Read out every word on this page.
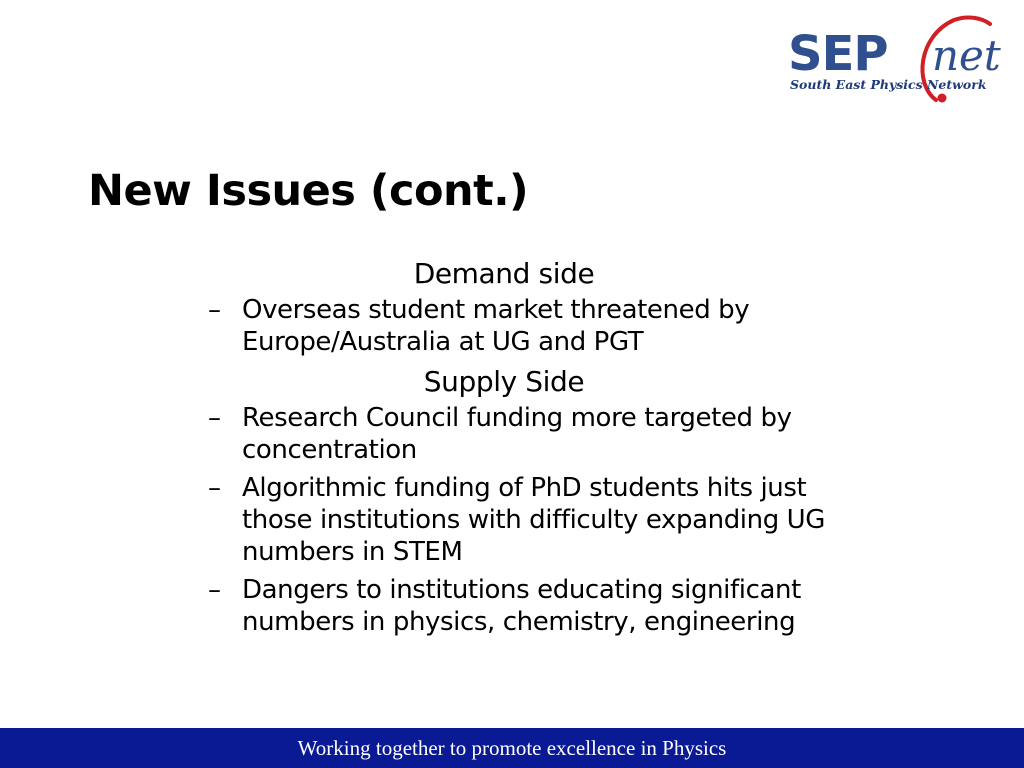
SEP net
South East Physics Network
New Issues (cont.)
Demand side
– Overseas student market threatened by Europe/Australia at UG and PGT
Supply Side
– Research Council funding more targeted by concentration
– Algorithmic funding of PhD students hits just those institutions with difficulty expanding UG numbers in STEM
– Dangers to institutions educating significant numbers in physics, chemistry, engineering
Working together to promote excellence in Physics
